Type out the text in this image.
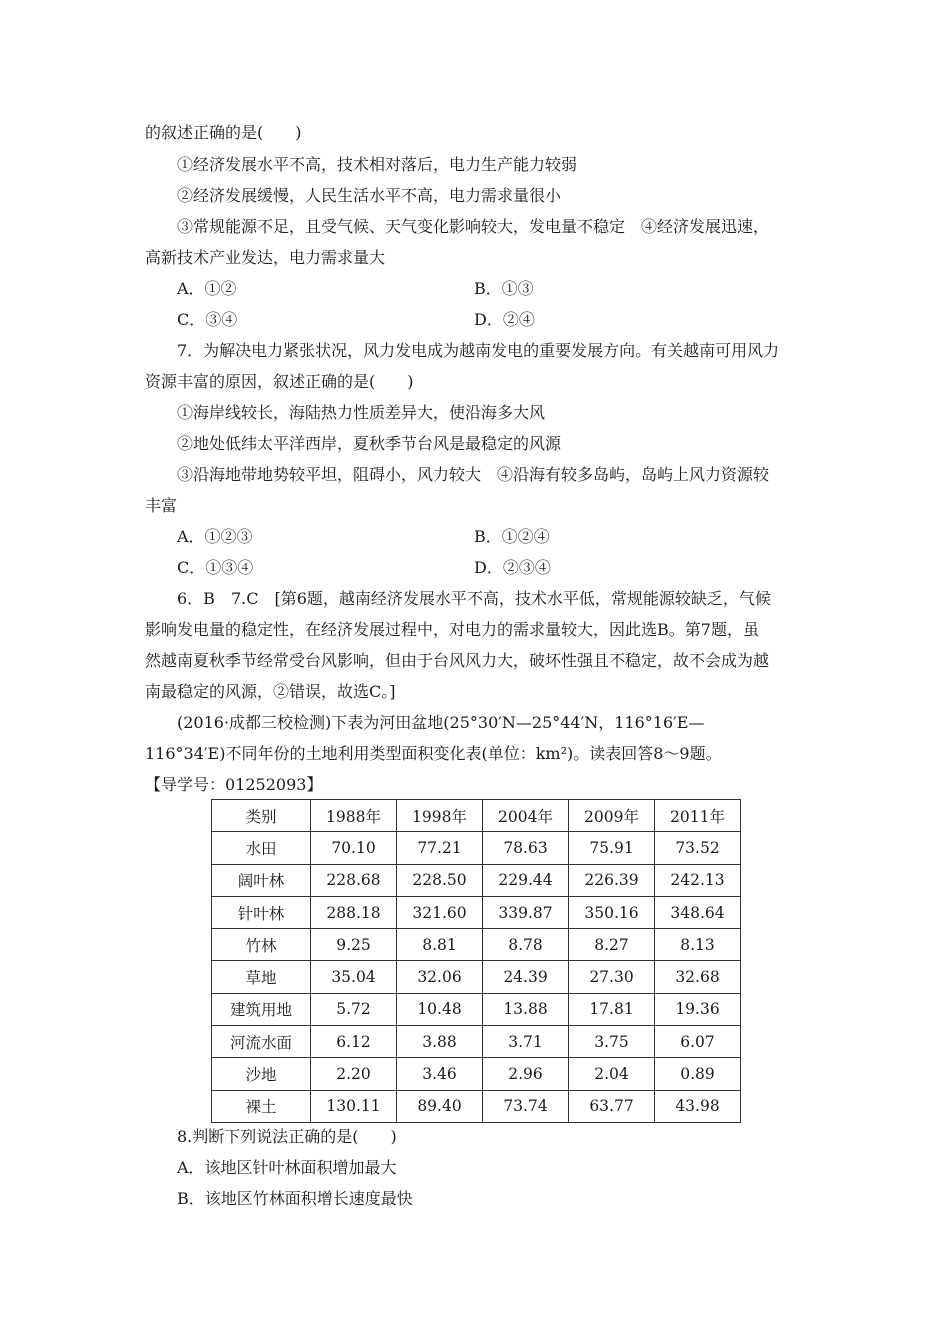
的叙述正确的是(　　)
①经济发展水平不高，技术相对落后，电力生产能力较弱
②经济发展缓慢，人民生活水平不高，电力需求量很小
③常规能源不足，且受气候、天气变化影响较大，发电量不稳定　④经济发展迅速，
高新技术产业发达，电力需求量大
A．①②	B．①③
C．③④	D．②④
7．为解决电力紧张状况，风力发电成为越南发电的重要发展方向。有关越南可用风力
资源丰富的原因，叙述正确的是(　　)
①海岸线较长，海陆热力性质差异大，使沿海多大风
②地处低纬太平洋西岸，夏秋季节台风是最稳定的风源
③沿海地带地势较平坦，阻碍小，风力较大　④沿海有较多岛屿，岛屿上风力资源较
丰富
A．①②③	B．①②④
C．①③④	D．②③④
6．B　7.C　[第6题，越南经济发展水平不高，技术水平低，常规能源较缺乏，气候
影响发电量的稳定性，在经济发展过程中，对电力的需求量较大，因此选B。第7题，虽
然越南夏秋季节经常受台风影响，但由于台风风力大，破坏性强且不稳定，故不会成为越
南最稳定的风源，②错误，故选C。]
(2016·成都三校检测)下表为河田盆地(25°30′N—25°44′N，116°16′E—
116°34′E)不同年份的土地利用类型面积变化表(单位：km²)。读表回答8～9题。
【导学号：01252093】
类别	1988年	1998年	2004年	2009年	2011年
水田	70.10	77.21	78.63	75.91	73.52
阔叶林	228.68	228.50	229.44	226.39	242.13
针叶林	288.18	321.60	339.87	350.16	348.64
竹林	9.25	8.81	8.78	8.27	8.13
草地	35.04	32.06	24.39	27.30	32.68
建筑用地	5.72	10.48	13.88	17.81	19.36
河流水面	6.12	3.88	3.71	3.75	6.07
沙地	2.20	3.46	2.96	2.04	0.89
裸土	130.11	89.40	73.74	63.77	43.98
8.判断下列说法正确的是(　　)
A．该地区针叶林面积增加最大
B．该地区竹林面积增长速度最快
